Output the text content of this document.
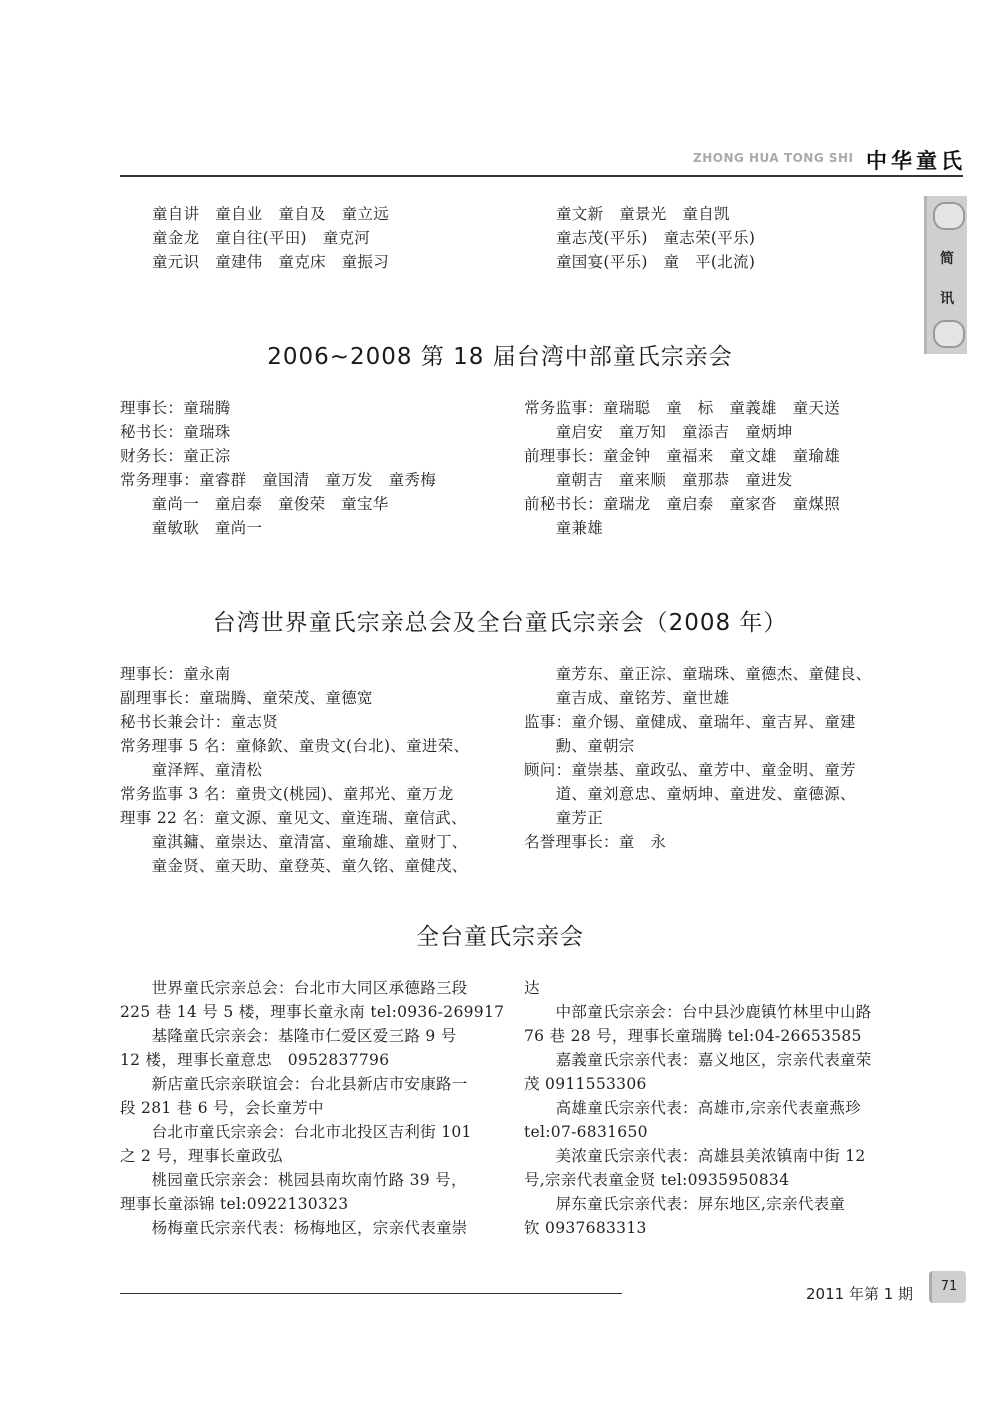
ZHONG HUA TONG SHI 中华童氏
简
讯
童自讲　童自业　童自及　童立远
童金龙　童自往(平田)　童克河
童元识　童建伟　童克床　童振习
童文新　童景光　童自凯
童志茂(平乐)　童志荣(平乐)
童国宴(平乐)　童　平(北流)
2006~2008 第 18 届台湾中部童氏宗亲会
理事长：童瑞腾
秘书长：童瑞珠
财务长：童正淙
常务理事：童睿群　童国清　童万发　童秀梅
　　童尚一　童启泰　童俊荣　童宝华
　　童敏耿　童尚一
常务监事：童瑞聪　童　标　童義雄　童天送
　　童启安　童万知　童添吉　童炳坤
前理事长：童金钟　童福来　童文雄　童瑜雄
　　童朝吉　童来顺　童那恭　童进发
前秘书长：童瑞龙　童启泰　童家沓　童煤照
　　童兼雄
台湾世界童氏宗亲总会及全台童氏宗亲会（2008 年）
理事长：童永南
副理事长：童瑞腾、童荣茂、童德宽
秘书长兼会计：童志贤
常务理事 5 名：童條欽、童贵文(台北)、童进荣、
　　童泽辉、童清松
常务监事 3 名：童贵文(桃园)、童邦光、童万龙
理事 22 名：童文源、童见文、童连瑞、童信武、
　　童淇鏞、童崇达、童清富、童瑜雄、童财丁、
　　童金贤、童天助、童登英、童久铭、童健茂、
　　童芳东、童正淙、童瑞珠、童德杰、童健良、
　　童吉成、童铭芳、童世雄
监事：童介锡、童健成、童瑞年、童吉昇、童建
　　勳、童朝宗
顾问：童崇基、童政弘、童芳中、童金明、童芳
　　道、童刘意忠、童炳坤、童进发、童德源、
　　童芳正
名誉理事长：童　永
全台童氏宗亲会
　　世界童氏宗亲总会：台北市大同区承德路三段
225 巷 14 号 5 楼，理事长童永南 tel:0936-269917
　　基隆童氏宗亲会：基隆市仁爱区爱三路 9 号
12 楼，理事长童意忠　0952837796
　　新店童氏宗亲联谊会：台北县新店市安康路一
段 281 巷 6 号，会长童芳中
　　台北市童氏宗亲会：台北市北投区吉利街 101
之 2 号，理事长童政弘
　　桃园童氏宗亲会：桃园县南坎南竹路 39 号，
理事长童添锦 tel:0922130323
　　杨梅童氏宗亲代表：杨梅地区，宗亲代表童崇
达
　　中部童氏宗亲会：台中县沙鹿镇竹林里中山路
76 巷 28 号，理事长童瑞腾 tel:04-26653585
　　嘉義童氏宗亲代表：嘉义地区，宗亲代表童荣
茂 0911553306
　　高雄童氏宗亲代表：高雄市,宗亲代表童燕珍
tel:07-6831650
　　美浓童氏宗亲代表：高雄县美浓镇南中街 12
号,宗亲代表童金贤 tel:0935950834
　　屏东童氏宗亲代表：屏东地区,宗亲代表童
钦 0937683313
2011 年第 1 期	71
